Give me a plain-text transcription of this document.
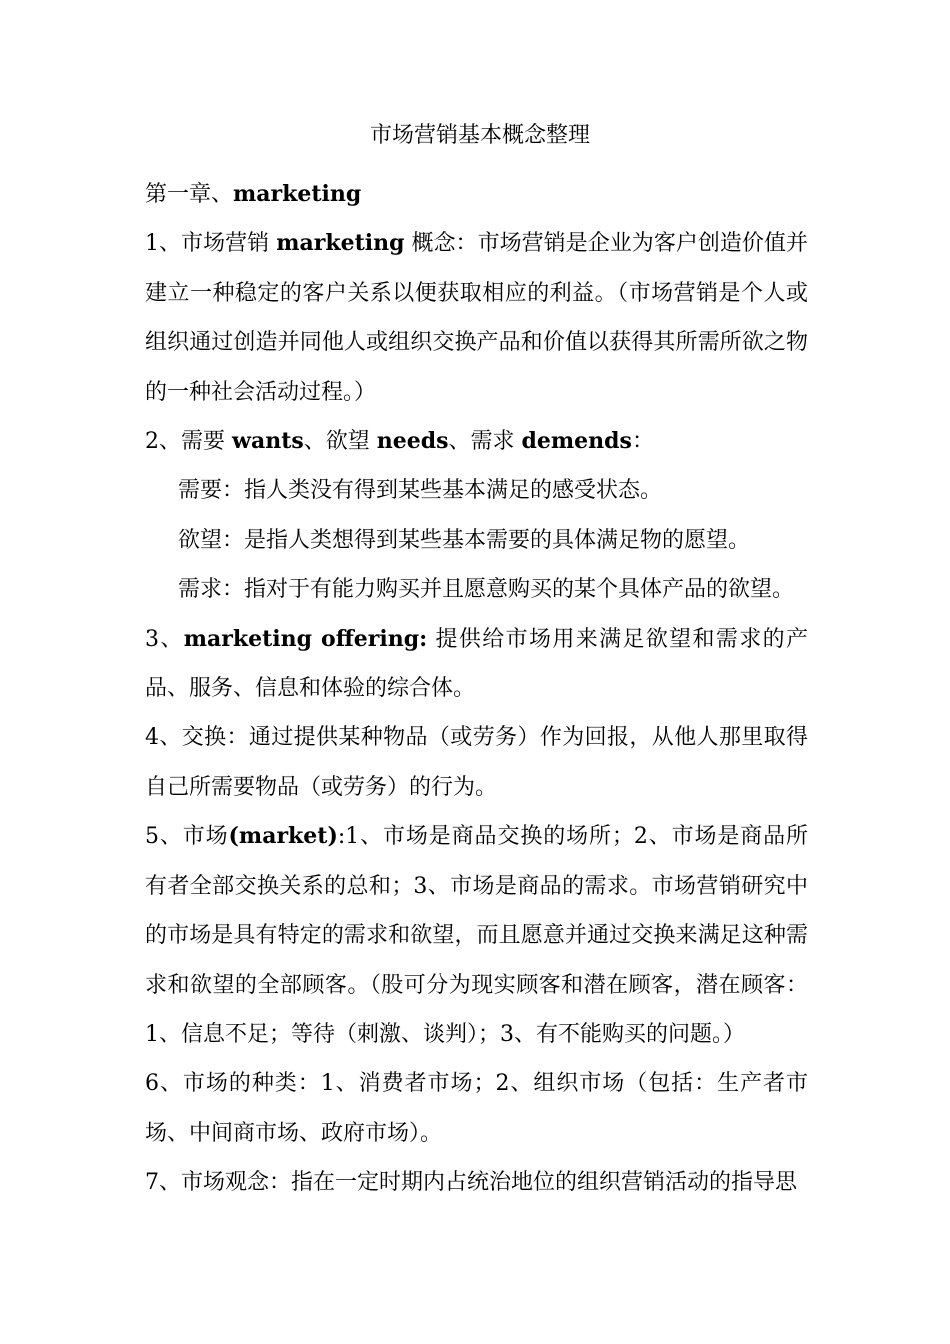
市场营销基本概念整理

第一章、marketing

1、市场营销 marketing 概念：市场营销是企业为客户创造价值并建立一种稳定的客户关系以便获取相应的利益。（市场营销是个人或组织通过创造并同他人或组织交换产品和价值以获得其所需所欲之物的一种社会活动过程。）

2、需要 wants、欲望 needs、需求 demends：

需要：指人类没有得到某些基本满足的感受状态。

欲望：是指人类想得到某些基本需要的具体满足物的愿望。

需求：指对于有能力购买并且愿意购买的某个具体产品的欲望。

3、marketing offering: 提供给市场用来满足欲望和需求的产品、服务、信息和体验的综合体。

4、交换：通过提供某种物品（或劳务）作为回报，从他人那里取得自己所需要物品（或劳务）的行为。

5、市场(market):1、市场是商品交换的场所；2、市场是商品所有者全部交换关系的总和；3、市场是商品的需求。市场营销研究中的市场是具有特定的需求和欲望，而且愿意并通过交换来满足这种需求和欲望的全部顾客。（股可分为现实顾客和潜在顾客，潜在顾客：1、信息不足；等待（刺激、谈判）；3、有不能购买的问题。）

6、市场的种类：1、消费者市场；2、组织市场（包括：生产者市场、中间商市场、政府市场）。

7、市场观念：指在一定时期内占统治地位的组织营销活动的指导思
